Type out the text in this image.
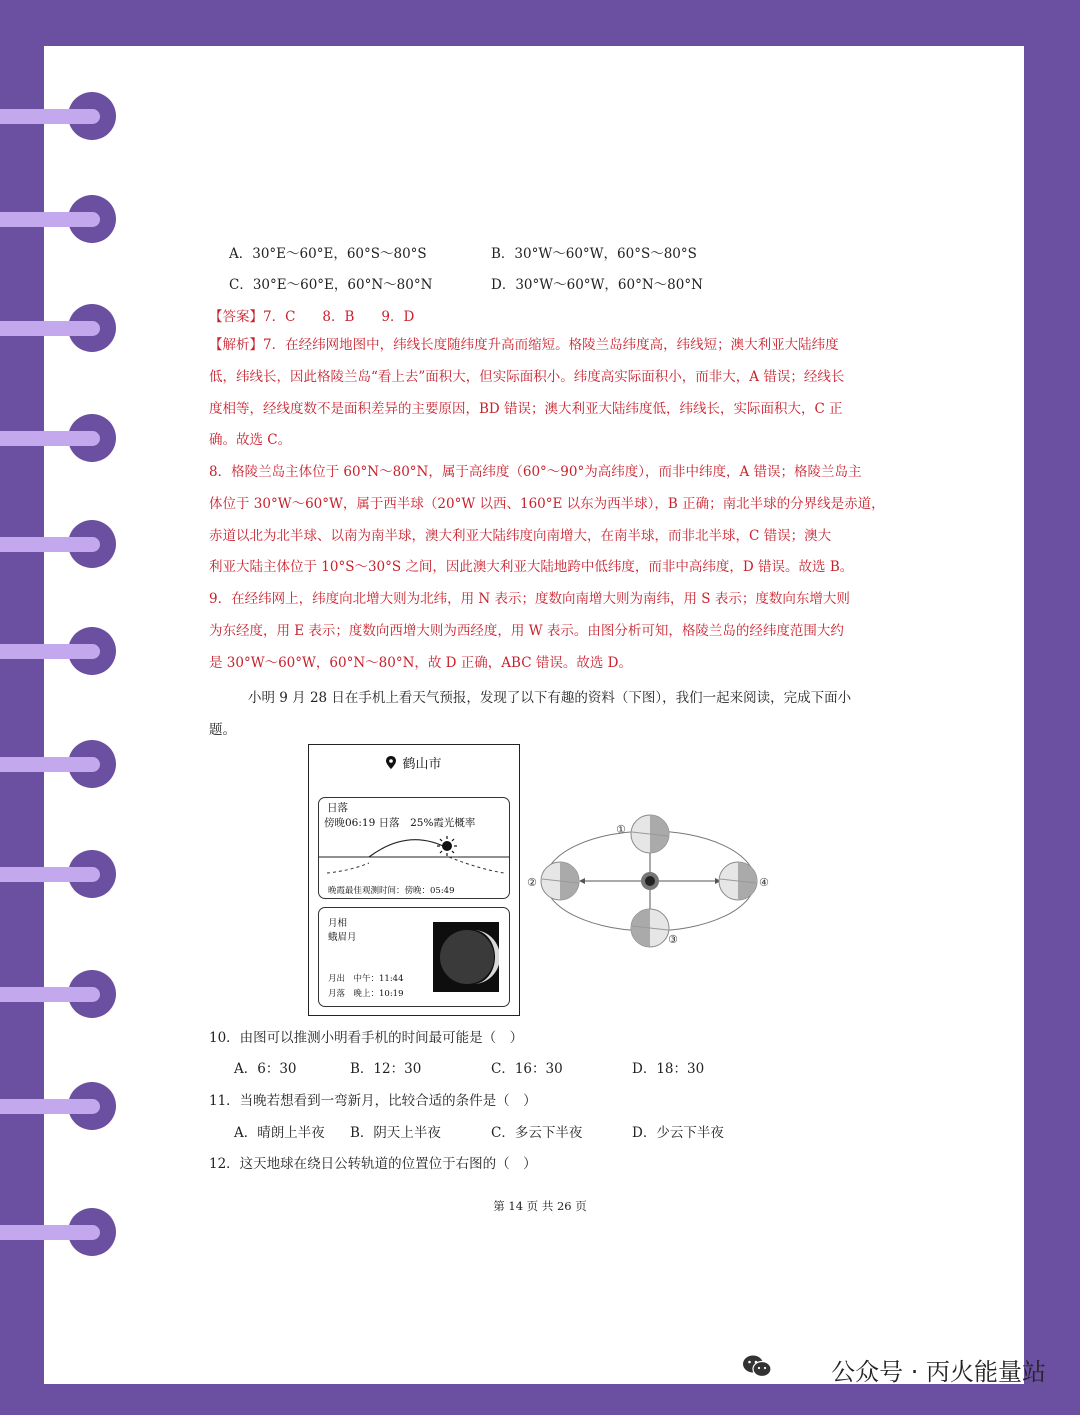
A．30°E～60°E，60°S～80°S	B．30°W～60°W，60°S～80°S
C．30°E～60°E，60°N～80°N	D．30°W～60°W，60°N～80°N
【答案】7．C　　8．B　　9．D
【解析】7．在经纬网地图中，纬线长度随纬度升高而缩短。格陵兰岛纬度高，纬线短；澳大利亚大陆纬度
低，纬线长，因此格陵兰岛“看上去”面积大，但实际面积小。纬度高实际面积小，而非大，A 错误；经线长
度相等，经线度数不是面积差异的主要原因，BD 错误；澳大利亚大陆纬度低，纬线长，实际面积大，C 正
确。故选 C。
8．格陵兰岛主体位于 60°N～80°N，属于高纬度（60°～90°为高纬度），而非中纬度，A 错误；格陵兰岛主
体位于 30°W～60°W，属于西半球（20°W 以西、160°E 以东为西半球），B 正确；南北半球的分界线是赤道，
赤道以北为北半球、以南为南半球，澳大利亚大陆纬度向南增大，在南半球，而非北半球，C 错误；澳大
利亚大陆主体位于 10°S～30°S 之间，因此澳大利亚大陆地跨中低纬度，而非中高纬度，D 错误。故选 B。
9．在经纬网上，纬度向北增大则为北纬，用 N 表示；度数向南增大则为南纬，用 S 表示；度数向东增大则
为东经度，用 E 表示；度数向西增大则为西经度，用 W 表示。由图分析可知，格陵兰岛的经纬度范围大约
是 30°W～60°W，60°N～80°N，故 D 正确，ABC 错误。故选 D。
小明 9 月 28 日在手机上看天气预报，发现了以下有趣的资料（下图），我们一起来阅读，完成下面小
题。
鹤山市
日落
傍晚06:19 日落　25%霞光概率
晚霞最佳观测时间：傍晚：05:49
月相
蛾眉月
月出　中午：11:44
月落　晚上：10:19
①
②
③
④
10．由图可以推测小明看手机的时间最可能是（　）
A．6：30	B．12：30	C．16：30	D．18：30
11．当晚若想看到一弯新月，比较合适的条件是（　）
A．晴朗上半夜 B．阴天上半夜	C．多云下半夜	D．少云下半夜
12．这天地球在绕日公转轨道的位置位于右图的（　）
第 14 页 共 26 页
公众号 · 丙火能量站
